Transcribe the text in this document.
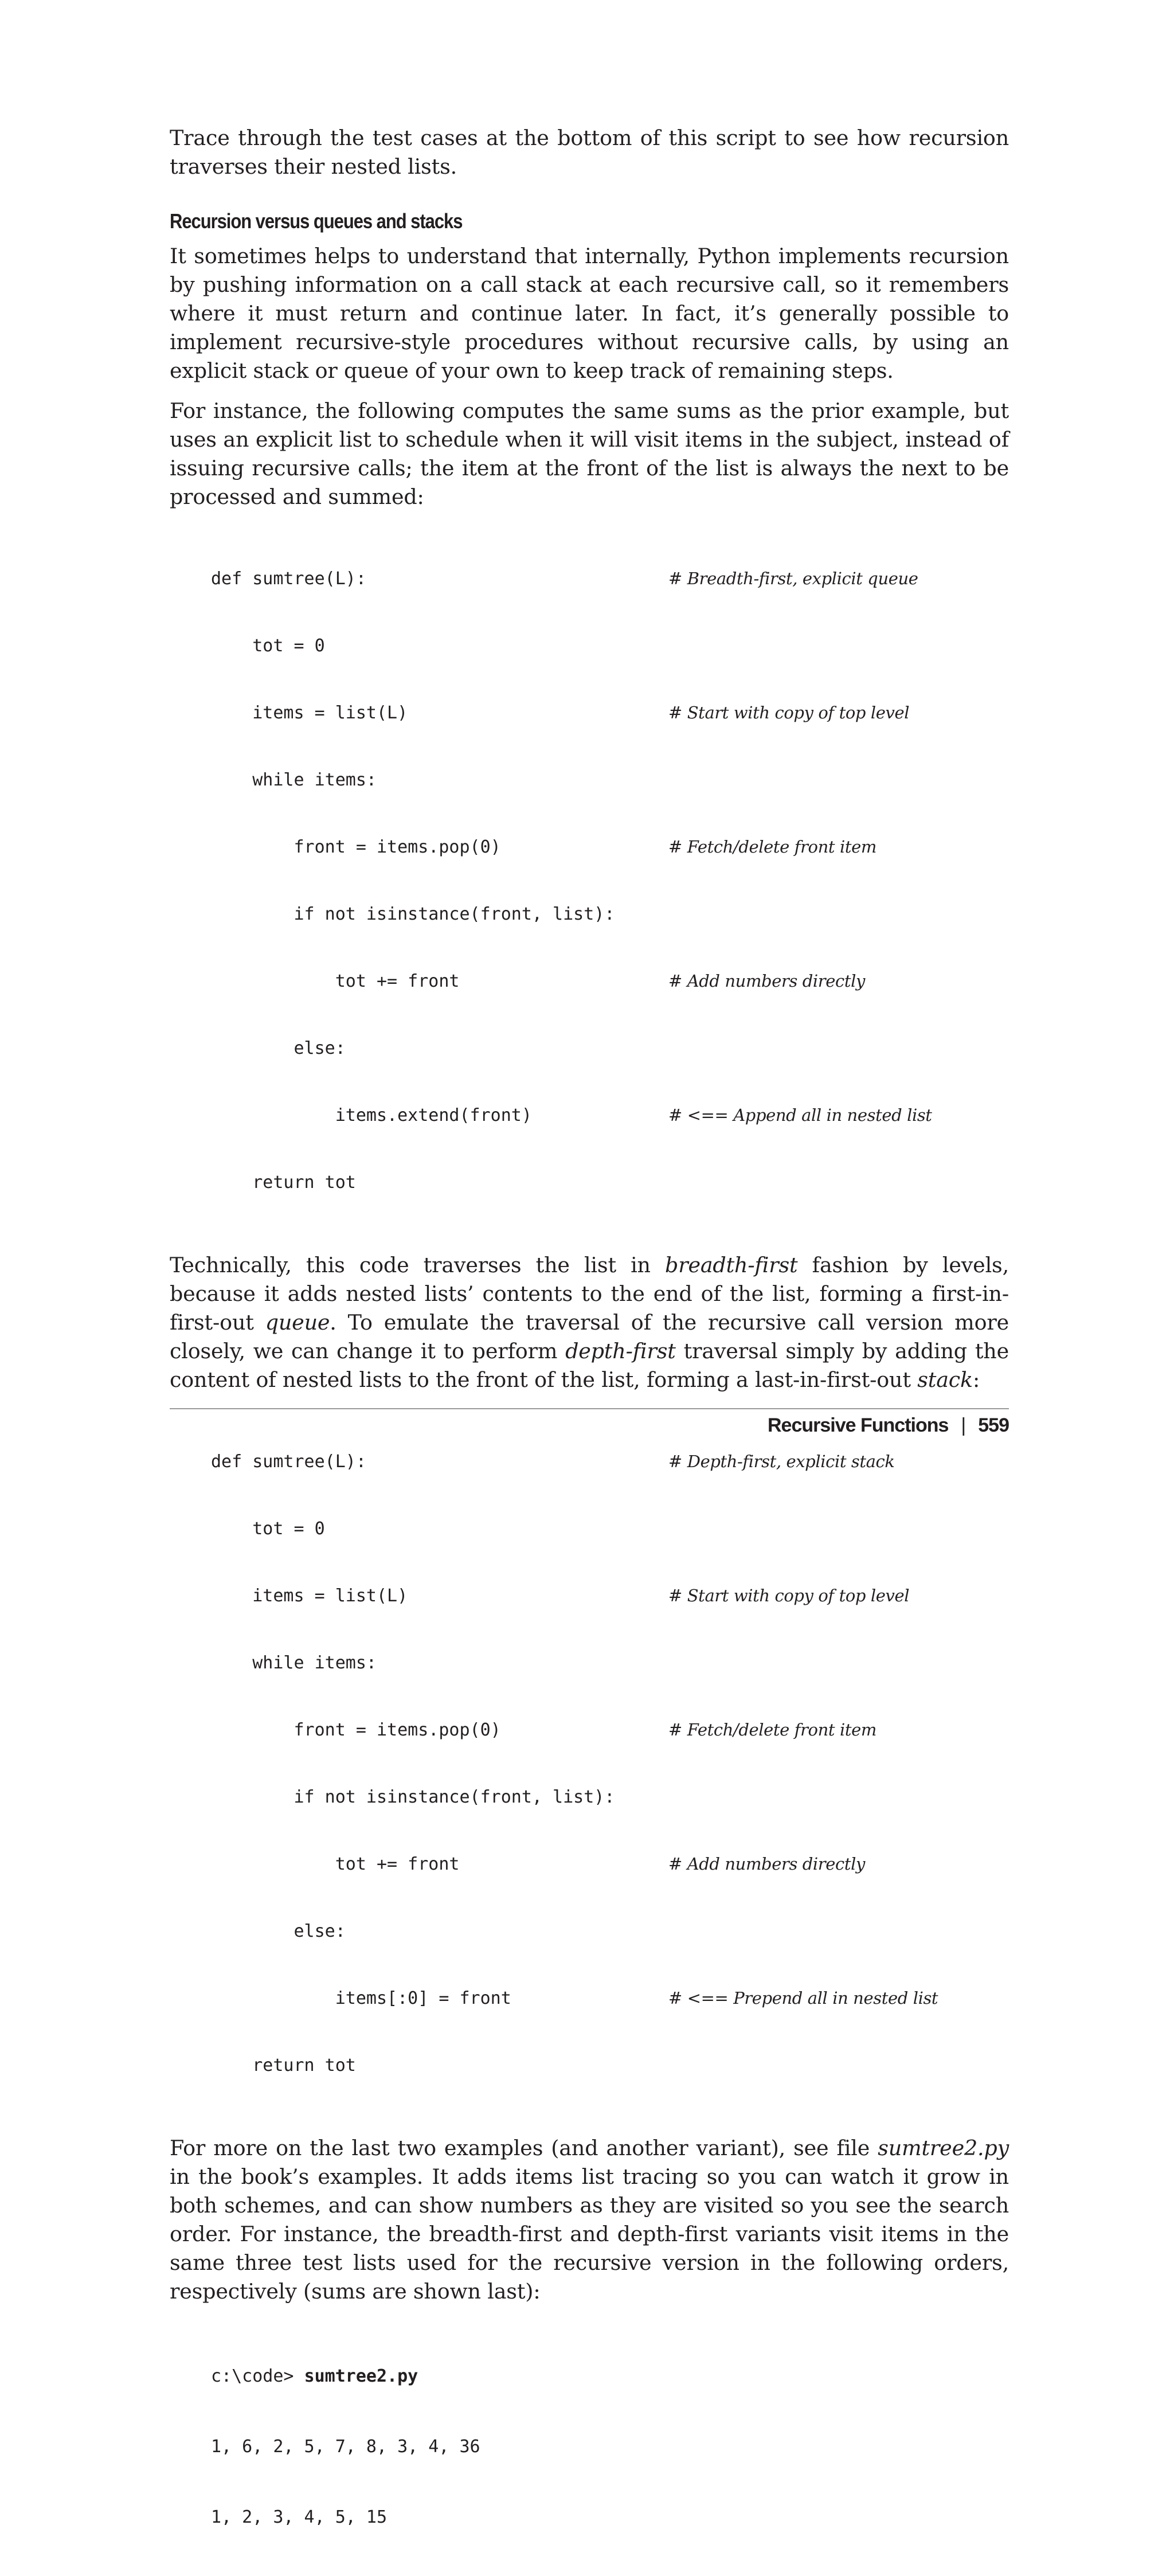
Trace through the test cases at the bottom of this script to see how recursion traverses their nested lists.

Recursion versus queues and stacks

It sometimes helps to understand that internally, Python implements recursion by pushing information on a call stack at each recursive call, so it remembers where it must return and continue later. In fact, it’s generally possible to implement recursive-style procedures without recursive calls, by using an explicit stack or queue of your own to keep track of remaining steps.

For instance, the following computes the same sums as the prior example, but uses an explicit list to schedule when it will visit items in the subject, instead of issuing recursive calls; the item at the front of the list is always the next to be processed and summed:

def sumtree(L):	# Breadth-first, explicit queue

tot = 0

items = list(L)	# Start with copy of top level

while items:

front = items.pop(0)	# Fetch/delete front item

if not isinstance(front, list):

tot += front	# Add numbers directly

else:

items.extend(front)	# <== Append all in nested list

return tot

Technically, this code traverses the list in breadth-first fashion by levels, because it adds nested lists’ contents to the end of the list, forming a first-in-first-out queue. To emulate the traversal of the recursive call version more closely, we can change it to perform depth-first traversal simply by adding the content of nested lists to the front of the list, forming a last-in-first-out stack:

def sumtree(L):	# Depth-first, explicit stack

tot = 0

items = list(L)	# Start with copy of top level

while items:

front = items.pop(0)	# Fetch/delete front item

if not isinstance(front, list):

tot += front	# Add numbers directly

else:

items[:0] = front	# <== Prepend all in nested list

return tot

For more on the last two examples (and another variant), see file sumtree2.py in the book’s examples. It adds items list tracing so you can watch it grow in both schemes, and can show numbers as they are visited so you see the search order. For instance, the breadth-first and depth-first variants visit items in the same three test lists used for the recursive version in the following orders, respectively (sums are shown last):

c:\code> sumtree2.py

1, 6, 2, 5, 7, 8, 3, 4, 36

1, 2, 3, 4, 5, 15

Recursive Functions | 559
